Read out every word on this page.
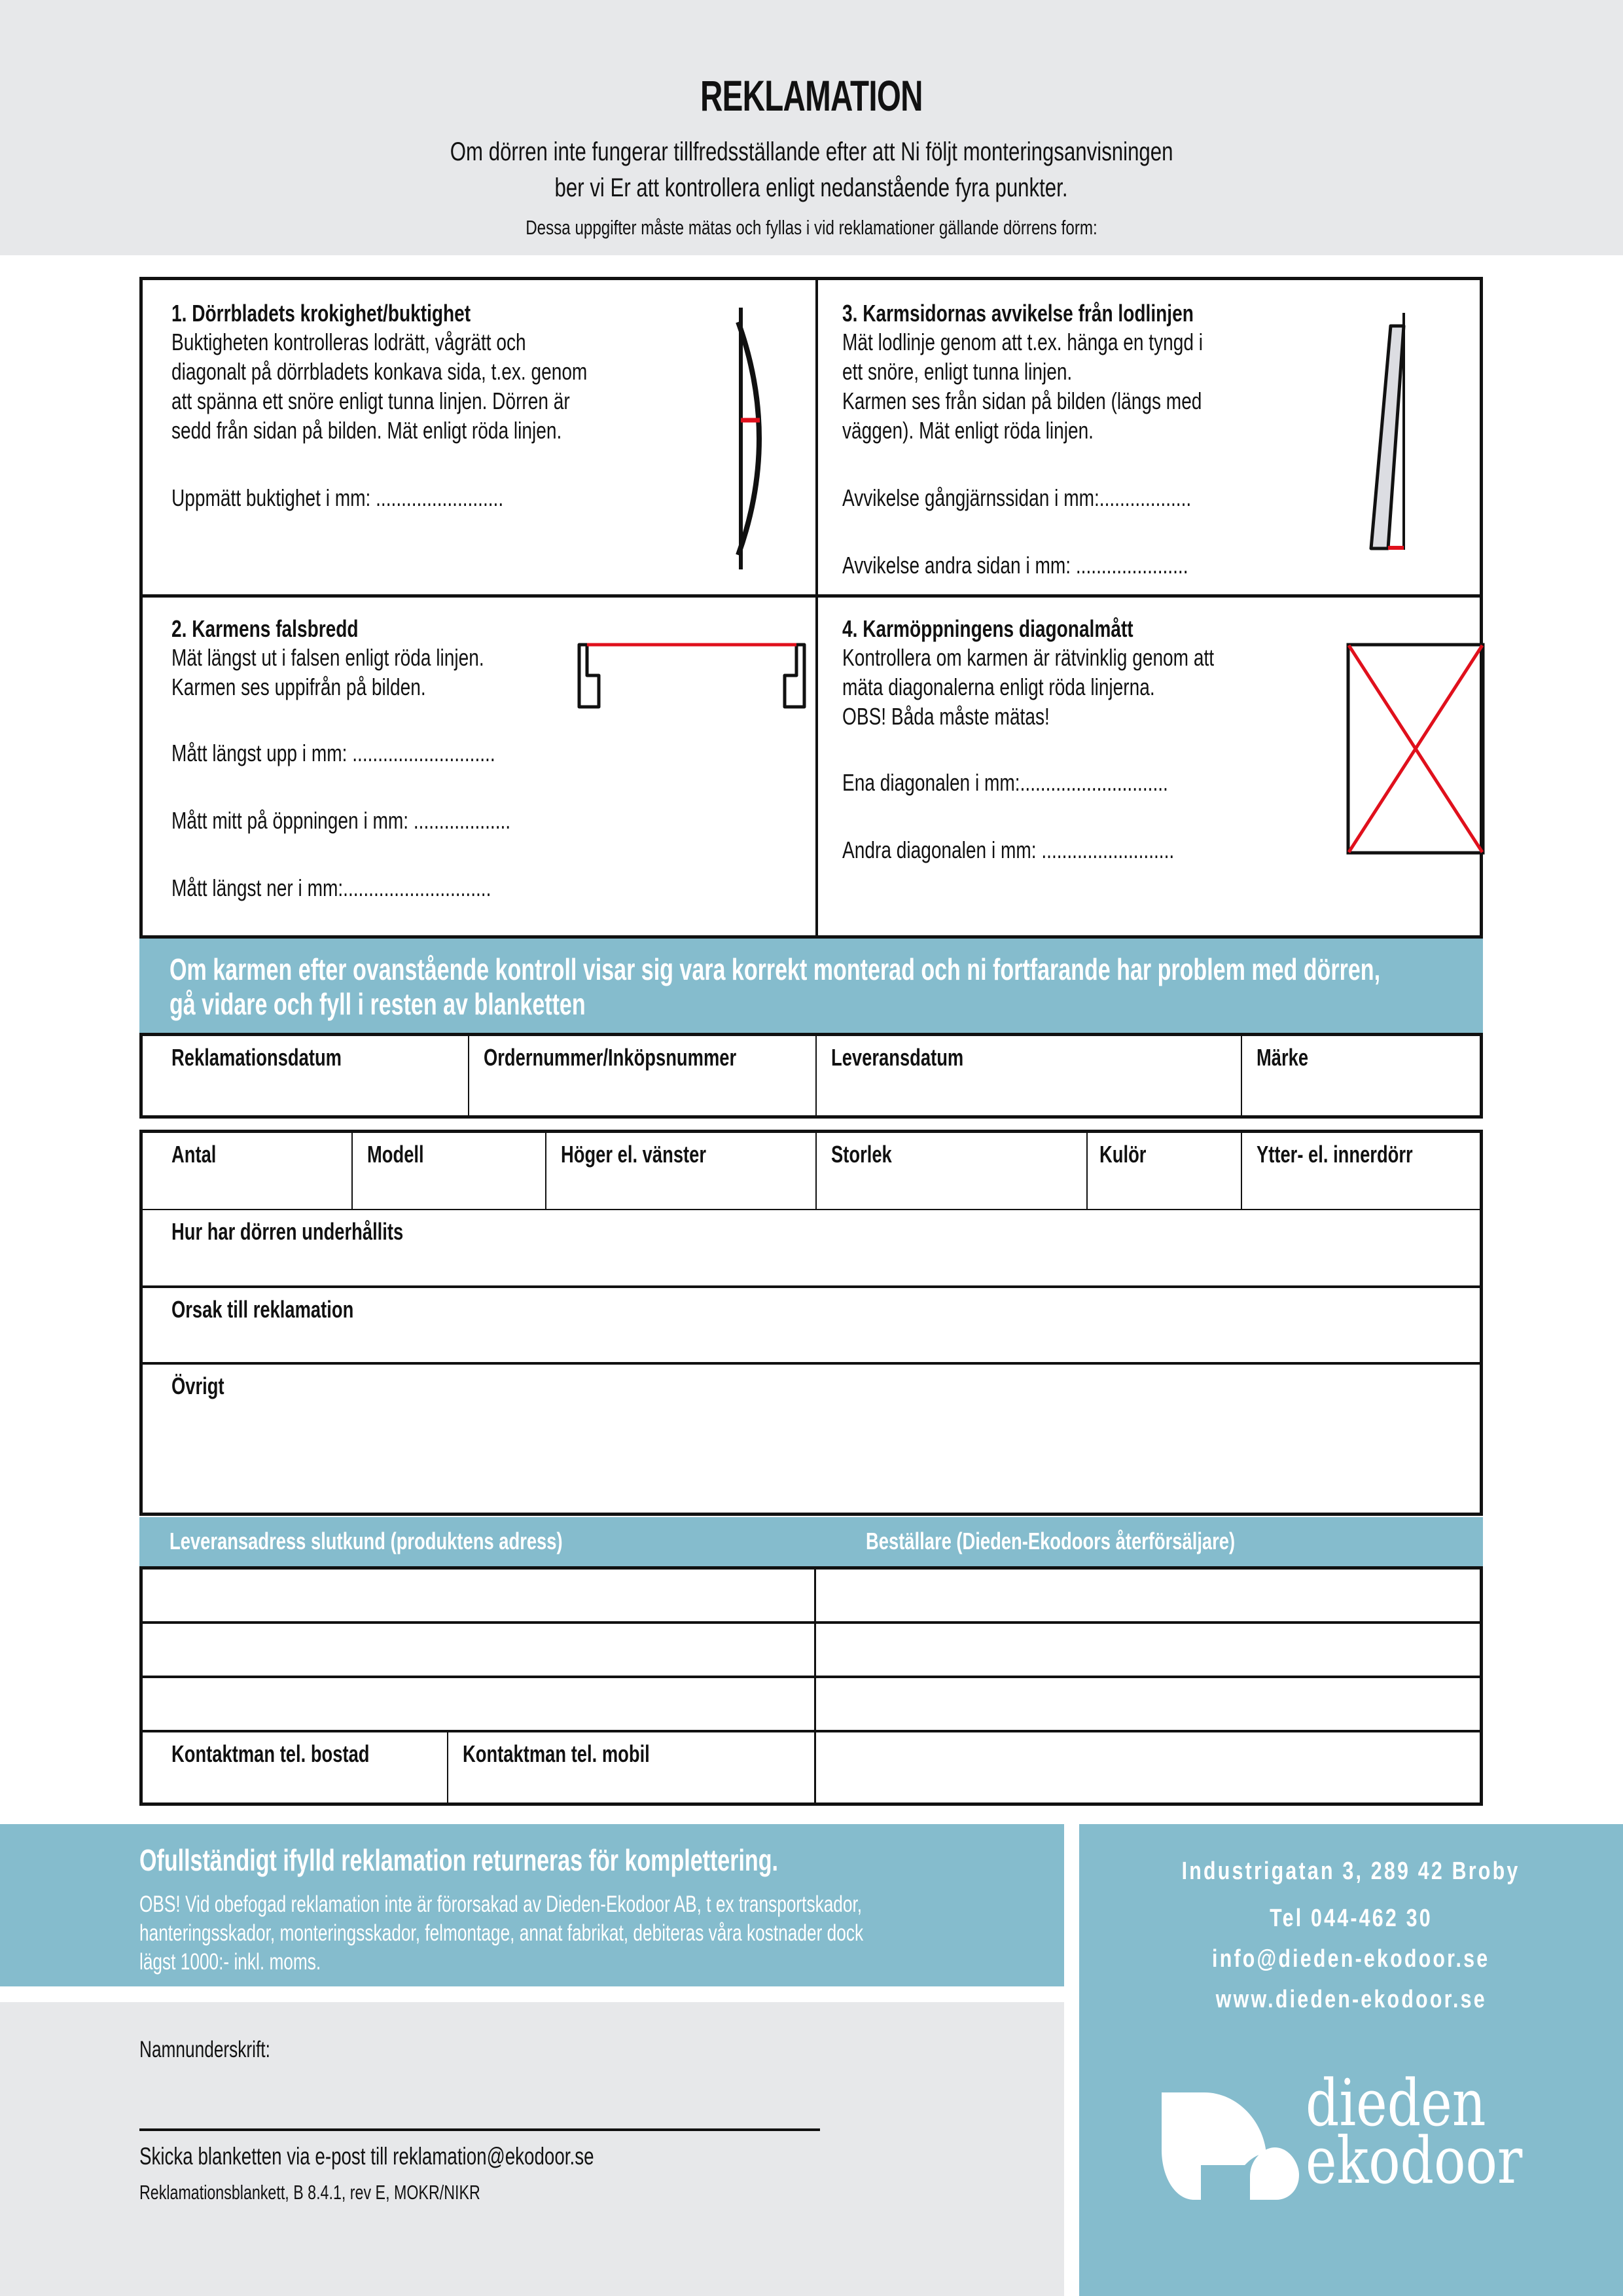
REKLAMATION
Om dörren inte fungerar tillfredsställande efter att Ni följt monteringsanvisningen
ber vi Er att kontrollera enligt nedanstående fyra punkter.
Dessa uppgifter måste mätas och fyllas i vid reklamationer gällande dörrens form:
1. Dörrbladets krokighet/buktighet
Buktigheten kontrolleras lodrätt, vågrätt och
diagonalt på dörrbladets konkava sida, t.ex. genom
att spänna ett snöre enligt tunna linjen. Dörren är
sedd från sidan på bilden. Mät enligt röda linjen.
Uppmätt buktighet i mm: .........................
3. Karmsidornas avvikelse från lodlinjen
Mät lodlinje genom att t.ex. hänga en tyngd i
ett snöre, enligt tunna linjen.
Karmen ses från sidan på bilden (längs med
väggen). Mät enligt röda linjen.
Avvikelse gångjärnssidan i mm:..................
Avvikelse andra sidan i mm: ......................
2. Karmens falsbredd
Mät längst ut i falsen enligt röda linjen.
Karmen ses uppifrån på bilden.
Mått längst upp i mm: ............................
Mått mitt på öppningen i mm: ...................
Mått längst ner i mm:.............................
4. Karmöppningens diagonalmått
Kontrollera om karmen är rätvinklig genom att
mäta diagonalerna enligt röda linjerna.
OBS! Båda måste mätas!
Ena diagonalen i mm:.............................
Andra diagonalen i mm: ..........................
Om karmen efter ovanstående kontroll visar sig vara korrekt monterad och ni fortfarande har problem med dörren,
gå vidare och fyll i resten av blanketten
Reklamationsdatum	Ordernummer/Inköpsnummer	Leveransdatum	Märke
Antal	Modell	Höger el. vänster	Storlek	Kulör	Ytter- el. innerdörr
Hur har dörren underhållits
Orsak till reklamation
Övrigt
Leveransadress slutkund (produktens adress)	Beställare (Dieden-Ekodoors återförsäljare)
Kontaktman tel. bostad	Kontaktman tel. mobil
Ofullständigt ifylld reklamation returneras för komplettering.
OBS! Vid obefogad reklamation inte är förorsakad av Dieden-Ekodoor AB, t ex transportskador,
hanteringsskador, monteringsskador, felmontage, annat fabrikat, debiteras våra kostnader dock
lägst 1000:- inkl. moms.
Namnunderskrift:
Skicka blanketten via e-post till reklamation@ekodoor.se
Reklamationsblankett, B 8.4.1, rev E, MOKR/NIKR
Industrigatan 3, 289 42 Broby
Tel 044-462 30
info@dieden-ekodoor.se
www.dieden-ekodoor.se
dieden
ekodoor
